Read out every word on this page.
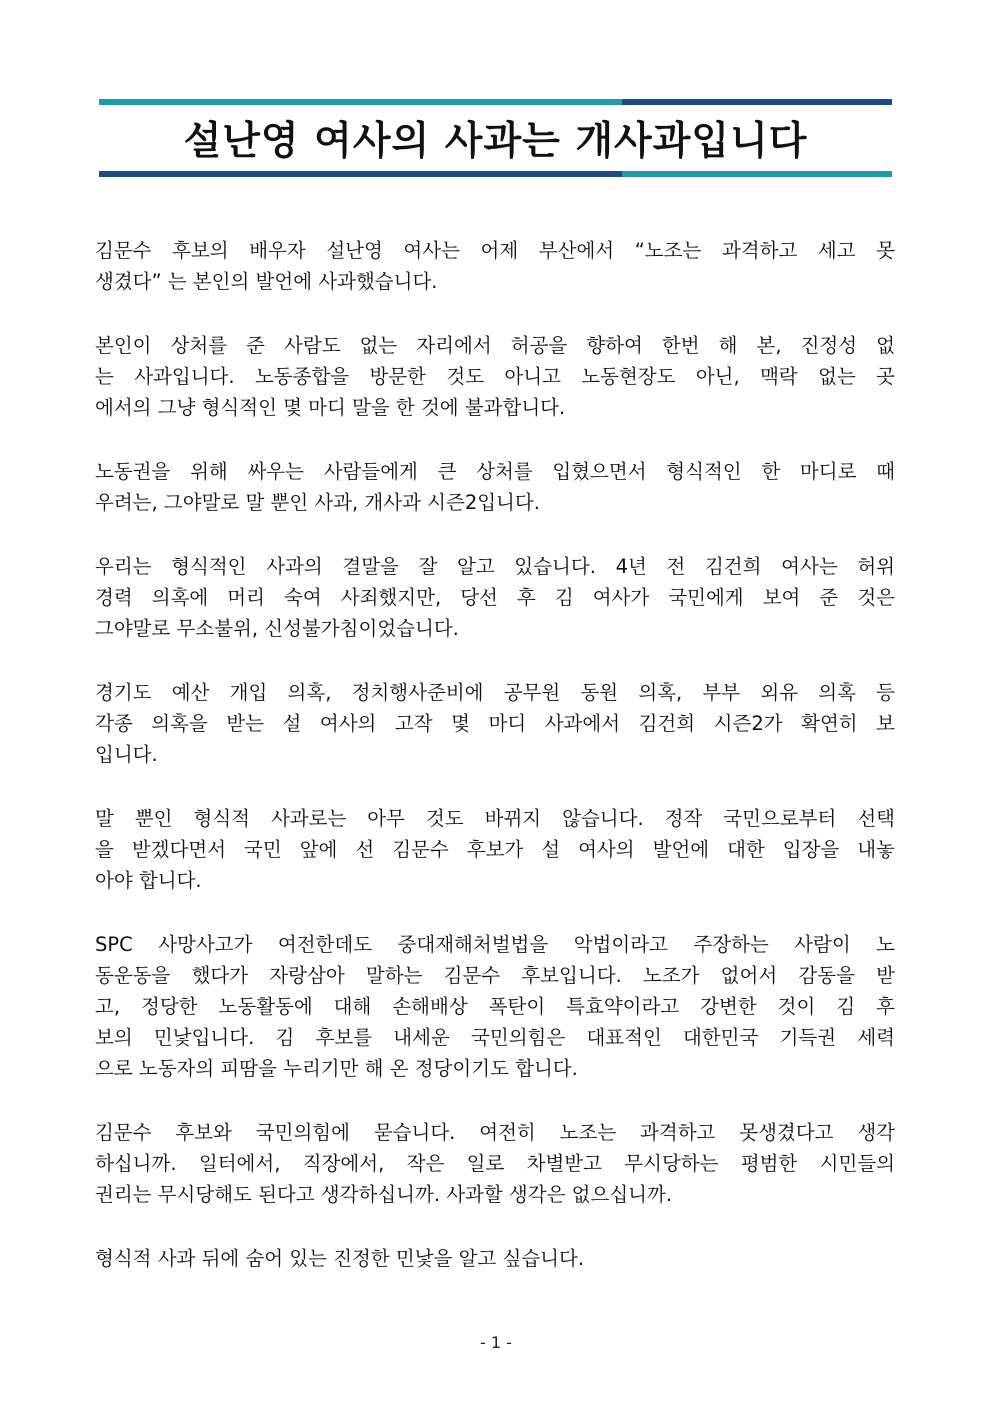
설난영 여사의 사과는 개사과입니다

김문수 후보의 배우자 설난영 여사는 어제 부산에서 “노조는 과격하고 세고 못
생겼다” 는 본인의 발언에 사과했습니다.

본인이 상처를 준 사람도 없는 자리에서 허공을 향하여 한번 해 본, 진정성 없
는 사과입니다. 노동종합을 방문한 것도 아니고 노동현장도 아닌, 맥락 없는 곳
에서의 그냥 형식적인 몇 마디 말을 한 것에 불과합니다.

노동권을 위해 싸우는 사람들에게 큰 상처를 입혔으면서 형식적인 한 마디로 때
우려는, 그야말로 말 뿐인 사과, 개사과 시즌2입니다.

우리는 형식적인 사과의 결말을 잘 알고 있습니다. 4년 전 김건희 여사는 허위
경력 의혹에 머리 숙여 사죄했지만, 당선 후 김 여사가 국민에게 보여 준 것은
그야말로 무소불위, 신성불가침이었습니다.

경기도 예산 개입 의혹, 정치행사준비에 공무원 동원 의혹, 부부 외유 의혹 등
각종 의혹을 받는 설 여사의 고작 몇 마디 사과에서 김건희 시즌2가 확연히 보
입니다.

말 뿐인 형식적 사과로는 아무 것도 바뀌지 않습니다. 정작 국민으로부터 선택
을 받겠다면서 국민 앞에 선 김문수 후보가 설 여사의 발언에 대한 입장을 내놓
아야 합니다.

SPC 사망사고가 여전한데도 중대재해처벌법을 악법이라고 주장하는 사람이 노
동운동을 했다가 자랑삼아 말하는 김문수 후보입니다. 노조가 없어서 감동을 받
고, 정당한 노동활동에 대해 손해배상 폭탄이 특효약이라고 강변한 것이 김 후
보의 민낯입니다. 김 후보를 내세운 국민의힘은 대표적인 대한민국 기득권 세력
으로 노동자의 피땀을 누리기만 해 온 정당이기도 합니다.

김문수 후보와 국민의힘에 묻습니다. 여전히 노조는 과격하고 못생겼다고 생각
하십니까. 일터에서, 직장에서, 작은 일로 차별받고 무시당하는 평범한 시민들의
권리는 무시당해도 된다고 생각하십니까. 사과할 생각은 없으십니까.

형식적 사과 뒤에 숨어 있는 진정한 민낯을 알고 싶습니다.

- 1 -
